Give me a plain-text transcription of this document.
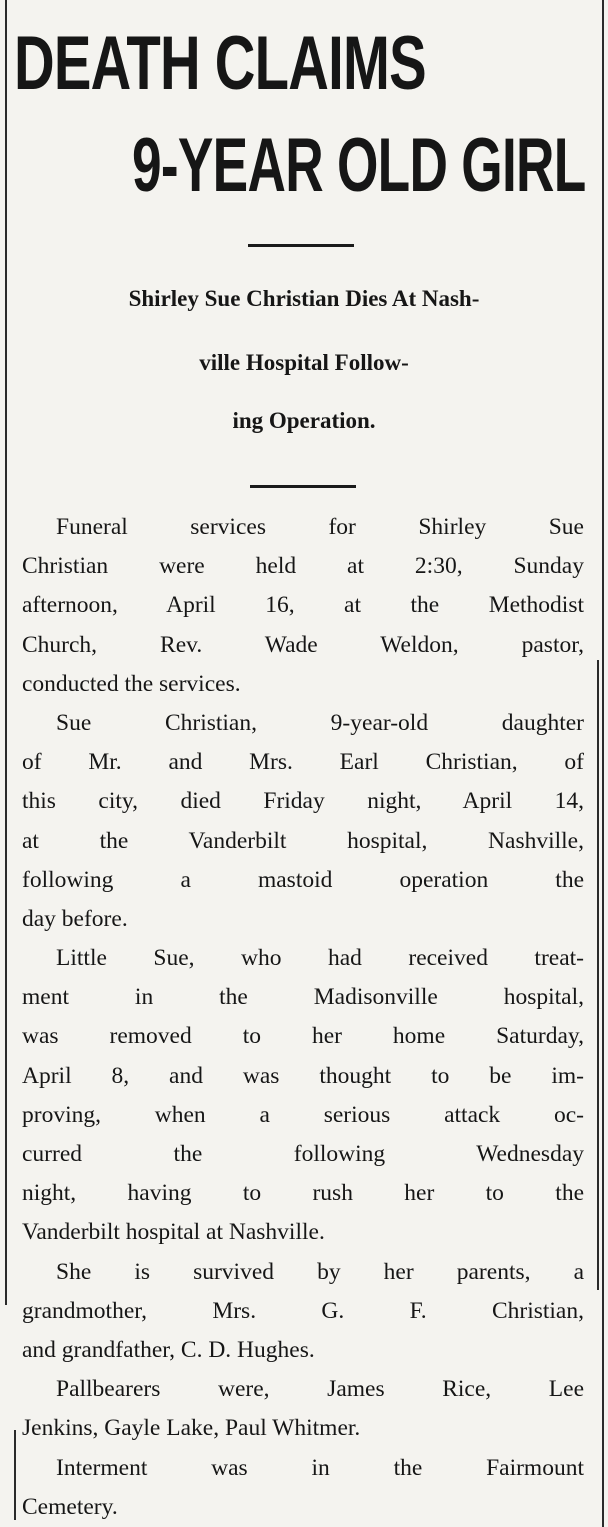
DEATH CLAIMS
9-YEAR OLD GIRL
Shirley Sue Christian Dies At Nash-
ville Hospital Follow-
ing Operation.
Funeral services for Shirley Sue
Christian were held at 2:30, Sunday
afternoon, April 16, at the Methodist
Church, Rev. Wade Weldon, pastor,
conducted the services.
Sue Christian, 9-year-old daughter
of Mr. and Mrs. Earl Christian, of
this city, died Friday night, April 14,
at the Vanderbilt hospital, Nashville,
following a mastoid operation the
day before.
Little Sue, who had received treat-
ment in the Madisonville hospital,
was removed to her home Saturday,
April 8, and was thought to be im-
proving, when a serious attack oc-
curred the following Wednesday
night, having to rush her to the
Vanderbilt hospital at Nashville.
She is survived by her parents, a
grandmother, Mrs. G. F. Christian,
and grandfather, C. D. Hughes.
Pallbearers were, James Rice, Lee
Jenkins, Gayle Lake, Paul Whitmer.
Interment was in the Fairmount
Cemetery.
